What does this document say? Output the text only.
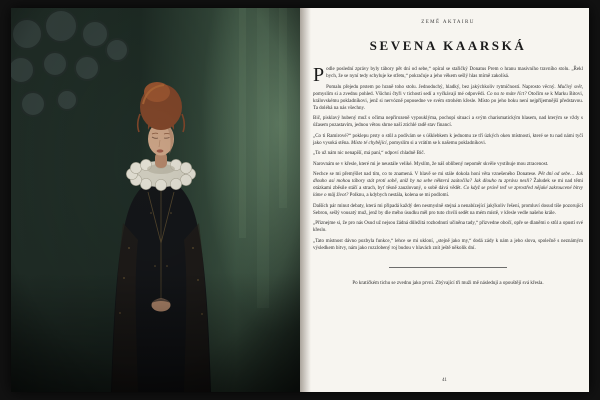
ZEMĚ AKTAIRU
SEVENA KAARSKÁ

Podle poslední zprávy byly tábory pět dní od sebe,“ opíral se stařičký Donatus Prem o hranu masivního travního stolu. „Řekl bych, že se nyní tedy schyluje ke střetu,“ pokračuje a jeho věkem sešlý hlas mírně zakolísá.

Pomalu přejedu prstem po hraně toho stolu. Jednoduchý, hladký, bez jakýchkoliv rytmičností. Naprosto věcný. Mučivý svět, pomyslím si a zvednu pohled. Všichni čtyři v tichosti sedí a vyčkávají mé odpovědi. Co na to máte říct? Otočím se k Marku Bitovi, královskému pokladníkovi, jenž si nervózně poposedne ve svém strohém křesle. Místo po jeho boku není nejpříjemnější představou. Ta doléhá na nás všechny.

Bič, pisklavý hubený muž s očima nepřirozeně vypouklýma, pochopí situaci a svým charismatickým hlasem, nad kterým se vždy s úžasem pozastavím, jednou větou shrne naší ztichlé radě stav financí.

„Co ti Ramirové?“ poklepu prsty o stůl a podívám se s úšklebkem k jednomu ze tří úzkých oken místnosti, které se tu nad námi tyčí jako vysoká stěna. Místo té chybějící, pomyslím si a vrátím se k našemu pokladníkovi.

„To už nám nic nenapíší, má paní,“ odpoví chladně Bič.

Narovnám se v křesle, které mi je neustále veliké. Myslím, že náš oblíbený nepoměr skvěle vystihuje mou ztracenost.

Nechce se mi přemýšlet nad tím, co to znamená. V hlavě se mi stále dokola honí věta vznešeného Donatese. Pět dní od sebe… Jak dlouho asi mohou tábory stát proti sobě, aniž by na sebe některá zaútočila? Jak dlouho tu zprávu nesli? Žaludek se mi nad těmi otázkami zběsile stáčí a strach, byť těsně zauzlovaný, o sobě dává vědět. Co když se právě teď ve zprostřed nějaké zakroucené bitvy láme o můj život? Polknu, a kdybych nestála, kolena se mi podlomí.

Dalších pár minut debaty, která mi připadá každý den nesmyslně stejná a nenabízející jakýkoliv řešení, promluví dosud tiše pozorující Sebron, sešlý vousatý muž, jenž by dle mého úsudku měl pro tuto chvíli sedět na mém místě, v křesle vedle našeho krále.

„Přiznejme si, že pro nás Osud už nejsou žádná důležitá rozhodnutí učiněna tady,“ přizvedne obočí, opře se dlaněmi o stůl a opustí své křeslo.

„Tato místnost dávno pozbyla funkce,“ lehce se mi ukloní, „stejně jako my,“ dodá zády k nám a jeho slova, společně s neznámým výsledkem bitvy, nám jako rozzlobený roj budou v hlavách znít ještě několik dní.

Po kratičkém tichu se zvednu jako první. Zbývající tři muži mě následují a opouštějí svá křesla.

41
